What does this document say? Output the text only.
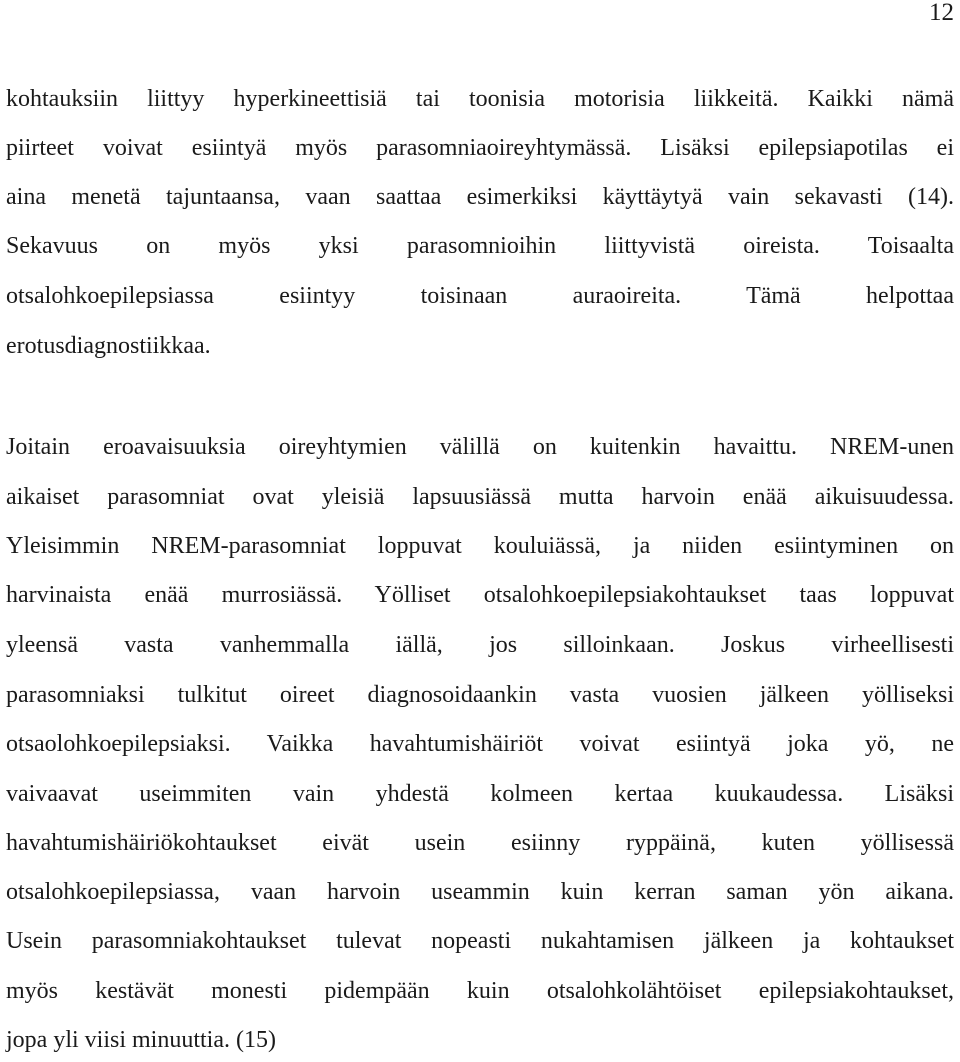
12
kohtauksiin liittyy hyperkineettisiä tai toonisia motorisia liikkeitä. Kaikki nämä
piirteet voivat esiintyä myös parasomniaoireyhtymässä. Lisäksi epilepsiapotilas ei
aina menetä tajuntaansa, vaan saattaa esimerkiksi käyttäytyä vain sekavasti (14).
Sekavuus on myös yksi parasomnioihin liittyvistä oireista. Toisaalta
otsalohkoepilepsiassa esiintyy toisinaan auraoireita. Tämä helpottaa
erotusdiagnostiikkaa.
Joitain eroavaisuuksia oireyhtymien välillä on kuitenkin havaittu. NREM-unen
aikaiset parasomniat ovat yleisiä lapsuusiässä mutta harvoin enää aikuisuudessa.
Yleisimmin NREM-parasomniat loppuvat kouluiässä, ja niiden esiintyminen on
harvinaista enää murrosiässä. Yölliset otsalohkoepilepsiakohtaukset taas loppuvat
yleensä vasta vanhemmalla iällä, jos silloinkaan. Joskus virheellisesti
parasomniaksi tulkitut oireet diagnosoidaankin vasta vuosien jälkeen yölliseksi
otsaolohkoepilepsiaksi. Vaikka havahtumishäiriöt voivat esiintyä joka yö, ne
vaivaavat useimmiten vain yhdestä kolmeen kertaa kuukaudessa. Lisäksi
havahtumishäiriökohtaukset eivät usein esiinny ryppäinä, kuten yöllisessä
otsalohkoepilepsiassa, vaan harvoin useammin kuin kerran saman yön aikana.
Usein parasomniakohtaukset tulevat nopeasti nukahtamisen jälkeen ja kohtaukset
myös kestävät monesti pidempään kuin otsalohkolähtöiset epilepsiakohtaukset,
jopa yli viisi minuuttia. (15)
